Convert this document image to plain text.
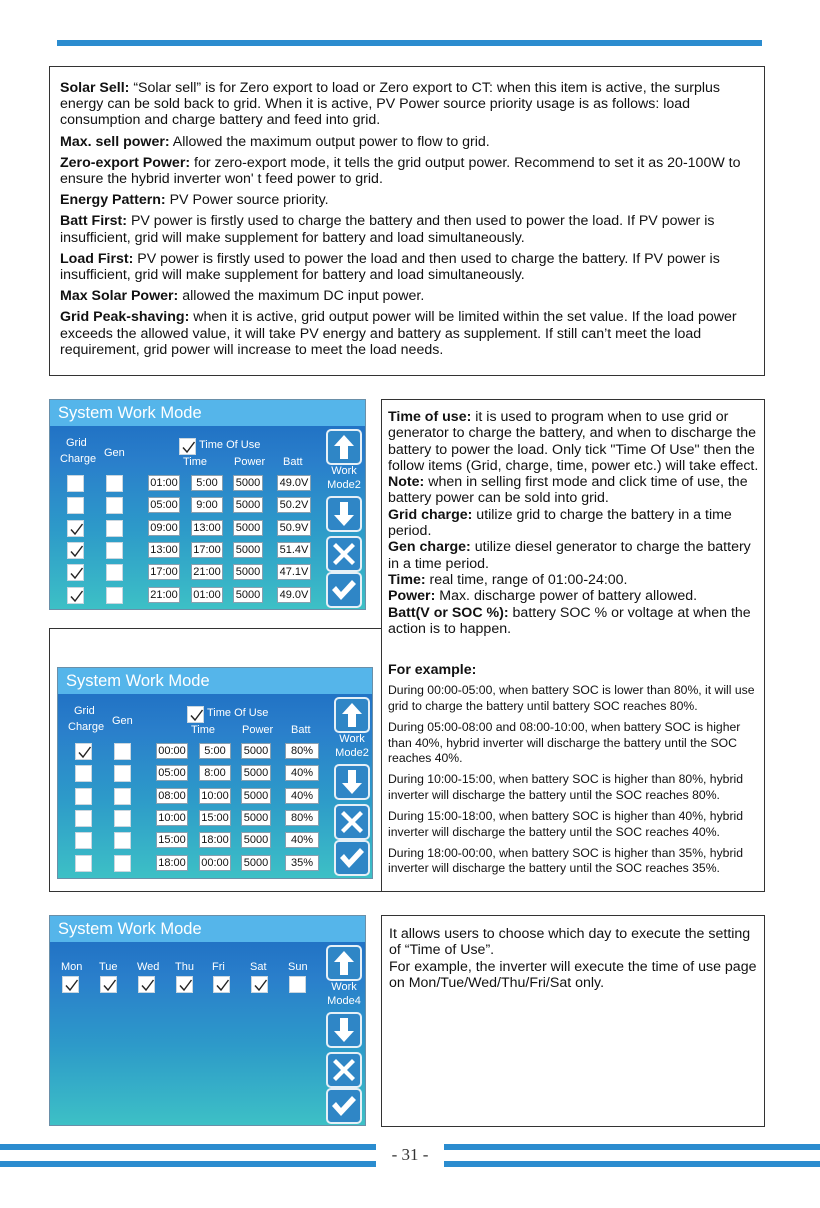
Solar Sell: “Solar sell” is for Zero export to load or Zero export to CT: when this item is active, the surplus energy can be sold back to grid. When it is active, PV Power source priority usage is as follows: load consumption and charge battery and feed into grid.
Max. sell power: Allowed the maximum output power to flow to grid.
Zero-export Power: for zero-export mode, it tells the grid output power. Recommend to set it as 20-100W to ensure the hybrid inverter won' t feed power to grid.
Energy Pattern: PV Power source priority.
Batt First: PV power is firstly used to charge the battery and then used to power the load. If PV power is insufficient, grid will make supplement for battery and load simultaneously.
Load First: PV power is firstly used to power the load and then used to charge the battery. If PV power is insufficient, grid will make supplement for battery and load simultaneously.
Max Solar Power: allowed the maximum DC input power.
Grid Peak-shaving: when it is active, grid output power will be limited within the set value. If the load power exceeds the allowed value, it will take PV energy and battery as supplement. If still can’t meet the load requirement, grid power will increase to meet the load needs.
System Work Mode
Grid
Charge Gen
Time Of Use
Time Power Batt
01:00	5:00	5000 49.0V
05:00	9:00	5000 50.2V
09:00 13:00 5000 50.9V
13:00 17:00 5000 51.4V
17:00 21:00 5000 47.1V
21:00 01:00 5000 49.0V
Work
Mode2
Time of use: it is used to program when to use grid or generator to charge the battery, and when to discharge the battery to power the load. Only tick "Time Of Use" then the follow items (Grid, charge, time, power etc.) will take effect.
Note: when in selling first mode and click time of use, the battery power can be sold into grid.
Grid charge: utilize grid to charge the battery in a time period.
Gen charge: utilize diesel generator to charge the battery in a time period.
Time: real time, range of 01:00-24:00.
Power: Max. discharge power of battery allowed.
Batt(V or SOC %): battery SOC % or voltage at when the action is to happen.
For example:
During 00:00-05:00, when battery SOC is lower than 80%, it will use grid to charge the battery until battery SOC reaches 80%.
During 05:00-08:00 and 08:00-10:00, when battery SOC is higher than 40%, hybrid inverter will discharge the battery until the SOC reaches 40%.
During 10:00-15:00, when battery SOC is higher than 80%, hybrid inverter will discharge the battery until the SOC reaches 80%.
During 15:00-18:00, when battery SOC is higher than 40%, hybrid inverter will discharge the battery until the SOC reaches 40%.
During 18:00-00:00, when battery SOC is higher than 35%, hybrid inverter will discharge the battery until the SOC reaches 35%.
System Work Mode
Grid
Charge Gen
Time Of Use
Time Power Batt
00:00	5:00	5000	80%
05:00	8:00	5000	40%
08:00 10:00 5000	40%
10:00 15:00 5000	80%
15:00 18:00 5000	40%
18:00 00:00 5000	35%
Work
Mode2
System Work Mode
Mon Tue Wed Thu Fri Sat Sun
Work
Mode4
It allows users to choose which day to execute the setting of “Time of Use”.
For example, the inverter will execute the time of use page on Mon/Tue/Wed/Thu/Fri/Sat only.
- 31 -
